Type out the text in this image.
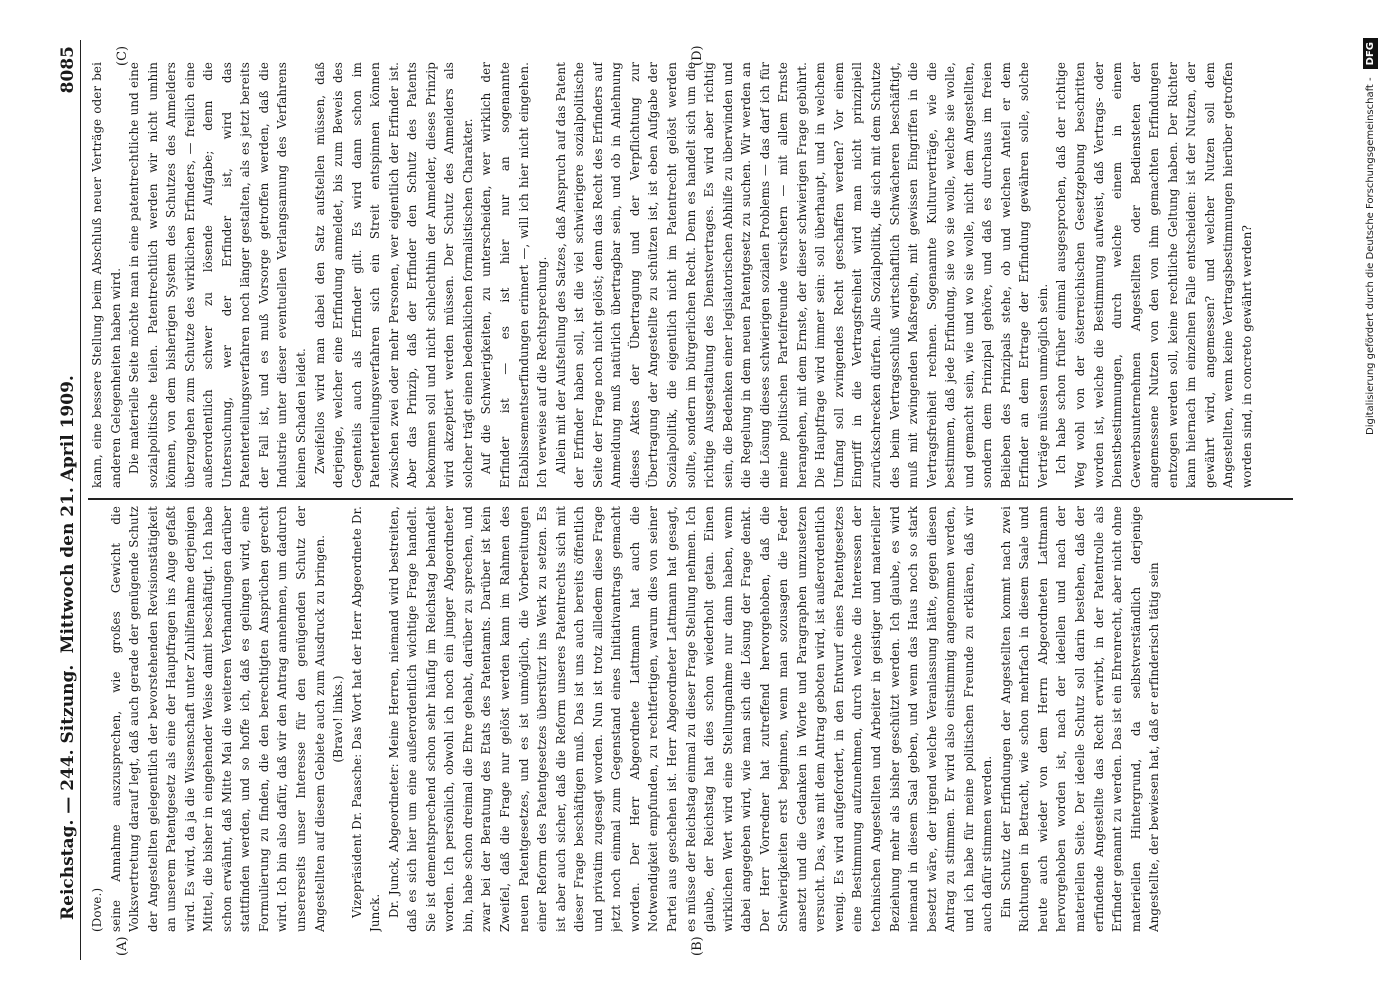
Reichstag. — 244. Sitzung.
Mittwoch den 21. April 1909.  8085
(A)	(B)
(C)	(D)

(Dove.) seine Annahme auszusprechen, wie großes Gewicht die Volksvertretung darauf legt, daß auch gerade der genügende Schutz der Angestellten gelegentlich der bevorstehenden Revisionstätigkeit an unserem Patentgesetz als eine der Hauptfragen ins Auge gefaßt wird. Es wird, da ja die Wissenschaft unter Zuhilfenahme derjenigen Mittel, die bisher in eingehender Weise damit beschäftigt. Ich habe schon erwähnt, daß Mitte Mai die weiteren Verhandlungen darüber stattfinden werden, und so hoffe ich, daß es gelingen wird, eine Formulierung zu finden, die den berechtigten Ansprüchen gerecht wird. Ich bin also dafür, daß wir den Antrag annehmen, um dadurch unsererseits unser Interesse für den genügenden Schutz der Angestellten auf diesem Gebiete auch zum Ausdruck zu bringen. (Bravo! links.) Vizepräsident Dr. Paasche: Das Wort hat der Herr Abgeordnete Dr. Junck. Dr. Junck, Abgeordneter: Meine Herren, niemand wird bestreiten, daß es sich hier um eine außerordentlich wichtige Frage handelt. Sie ist dementsprechend schon sehr häufig im Reichstag behandelt worden. Ich persönlich, obwohl ich noch ein junger Abgeordneter bin, habe schon dreimal die Ehre gehabt, darüber zu sprechen, und zwar bei der Beratung des Etats des Patentamts. Darüber ist kein Zweifel, daß die Frage nur gelöst werden kann im Rahmen des neuen Patentgesetzes, und es ist unmöglich, die Vorbereitungen einer Reform des Patentgesetzes überstürzt ins Werk zu setzen. Es ist aber auch sicher, daß die Reform unseres Patentrechts sich mit dieser Frage beschäftigen muß. Das ist uns auch bereits öffentlich und privatim zugesagt worden. Nun ist trotz allledem diese Frage jetzt noch einmal zum Gegenstand eines Initiativantrags gemacht worden. Der Herr Abgeordnete Lattmann hat auch die Notwendigkeit empfunden, zu rechtfertigen, warum dies von seiner Partei aus geschehen ist. Herr Abgeordneter Lattmann hat gesagt, es müsse der Reichstag einmal zu dieser Frage Stellung nehmen. Ich glaube, der Reichstag hat dies schon wiederholt getan. Einen wirklichen Wert wird eine Stellungnahme nur dann haben, wenn dabei angegeben wird, wie man sich die Lösung der Frage denkt. Der Herr Vorredner hat zutreffend hervorgehoben, daß die Schwierigkeiten erst beginnen, wenn man sozusagen die Feder ansetzt und die Gedanken in Worte und Paragraphen umzusetzen versucht. Das, was mit dem Antrag geboten wird, ist außerordentlich wenig. Es wird aufgefordert, in den Entwurf eines Patentgesetzes eine Bestimmung aufzunehmen, durch welche die Interessen der technischen Angestellten und Arbeiter in geistiger und materieller Beziehung mehr als bisher geschützt werden. Ich glaube, es wird niemand in diesem Saal geben, und wenn das Haus noch so stark besetzt wäre, der irgend welche Veranlassung hätte, gegen diesen Antrag zu stimmen. Er wird also einstimmig angenommen werden, und ich habe für meine politischen Freunde zu erklären, daß wir auch dafür stimmen werden. Ein Schutz der Erfindungen der Angestellten kommt nach zwei Richtungen in Betracht, wie schon mehrfach in diesem Saale und heute auch wieder von dem Herrn Abgeordneten Lattmann hervorgehoben worden ist, nach der ideellen und nach der materiellen Seite. Der ideelle Schutz soll darin bestehen, daß der erfindende Angestellte das Recht erwirbt, in der Patentrolle als Erfinder genannt zu werden. Das ist ein Ehrenrecht, aber nicht ohne materiellen Hintergrund, da selbstverständlich derjenige Angestellte, der bewiesen hat, daß er erfinderisch tätig sein

kann, eine bessere Stellung beim Abschluß neuer Verträge oder bei anderen Gelegenheiten haben wird. Die materielle Seite möchte man in eine patentrechtliche und eine sozialpolitische teilen. Patentrechtlich werden wir nicht umhin können, von dem bisherigen System des Schutzes des Anmelders überzugehen zum Schutze des wirklichen Erfinders, — freilich eine außerordentlich schwer zu lösende Aufgabe; denn die Untersuchung, wer der Erfinder ist, wird das Patenterteilungsverfahren noch länger gestalten, als es jetzt bereits der Fall ist, und es muß Vorsorge getroffen werden, daß die Industrie unter dieser eventuellen Verlangsamung des Verfahrens keinen Schaden leidet. Zweifellos wird man dabei den Satz aufstellen müssen, daß derjenige, welcher eine Erfindung anmeldet, bis zum Beweis des Gegenteils auch als Erfinder gilt. Es wird dann schon im Patenterteilungsverfahren sich ein Streit entspinnen können zwischen zwei oder mehr Personen, wer eigentlich der Erfinder ist. Aber das Prinzip, daß der Erfinder den Schutz des Patents bekommen soll und nicht schlechthin der Anmelder, dieses Prinzip wird akzeptiert werden müssen. Der Schutz des Anmelders als solcher trägt einen bedenklichen formalistischen Charakter. Auf die Schwierigkeiten, zu unterscheiden, wer wirklich der Erfinder ist — es ist hier nur an sogenannte Etablissementserfindungen erinnert —, will ich hier nicht eingehen. Ich verweise auf die Rechtsprechung. Allein mit der Aufstellung des Satzes, daß Anspruch auf das Patent der Erfinder haben soll, ist die viel schwierigere sozialpolitische Seite der Frage noch nicht gelöst; denn das Recht des Erfinders auf Anmeldung muß natürlich übertragbar sein, und ob in Anlehnung dieses Aktes der Übertragung und der Verpflichtung zur Übertragung der Angestellte zu schützen ist, ist eben Aufgabe der Sozialpolitik, die eigentlich nicht im Patentrecht gelöst werden sollte, sondern im bürgerlichen Recht. Denn es handelt sich um die richtige Ausgestaltung des Dienstvertrages. Es wird aber richtig sein, die Bedenken einer legislatorischen Abhilfe zu überwinden und die Regelung in dem neuen Patentgesetz zu suchen. Wir werden an die Lösung dieses schwierigen sozialen Problems — das darf ich für meine politischen Parteifreunde versichern — mit allem Ernste herangehen, mit dem Ernste, der dieser schwierigen Frage gebührt. Die Hauptfrage wird immer sein: soll überhaupt, und in welchem Umfang soll zwingendes Recht geschaffen werden? Vor einem Eingriff in die Vertragsfreiheit wird man nicht prinzipiell zurückschrecken dürfen. Alle Sozialpolitik, die sich mit dem Schutze des beim Vertragsschluß wirtschaftlich Schwächeren beschäftigt, muß mit zwingenden Maßregeln, mit gewissen Eingriffen in die Vertragsfreiheit rechnen. Sogenannte Kulturverträge, wie die bestimmen, daß jede Erfindung, sie wo sie wolle, welche sie wolle, und gemacht sein, wie und wo sie wolle, nicht dem Angestellten, sondern dem Prinzipal gehöre, und daß es durchaus im freien Belieben des Prinzipals stehe, ob und welchen Anteil er dem Erfinder an dem Ertrage der Erfindung gewähren solle, solche Verträge müssen unmöglich sein. Ich habe schon früher einmal ausgesprochen, daß der richtige Weg wohl von der österreichischen Gesetzgebung beschritten worden ist, welche die Bestimmung aufweist, daß Vertrags- oder Dienstbestimmungen, durch welche einem in einem Gewerbsunternehmen Angestellten oder Bediensteten der angemessene Nutzen von den von ihm gemachten Erfindungen entzogen werden soll, keine rechtliche Geltung haben. Der Richter kann hiernach im einzelnen Falle entscheiden: ist der Nutzen, der gewährt wird, angemessen? und welcher Nutzen soll dem Angestellten, wenn keine Vertragsbestimmungen hierüber getroffen worden sind, in concreto gewährt werden?	Digitalisierung gefördert durch die Deutsche Forschungsgemeinschaft -
DFG
